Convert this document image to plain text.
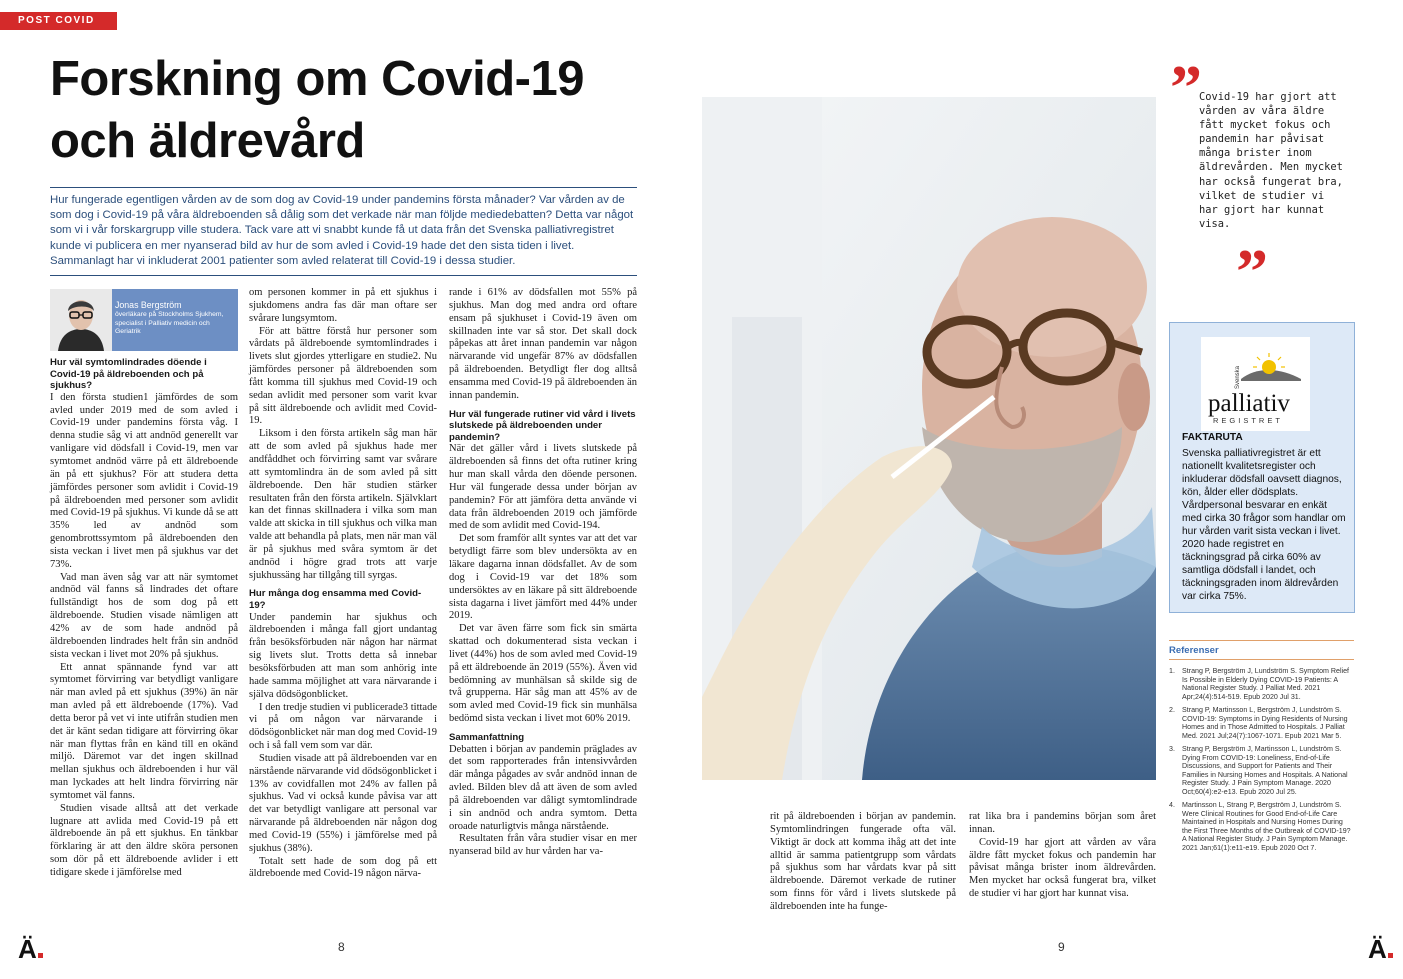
POST COVID
Forskning om Covid-19
och äldrevård
Hur fungerade egentligen vården av de som dog av Covid-19 under pandemins första månader? Var vården av de som dog i Covid-19 på våra äldreboenden så dålig som det verkade när man följde mediedebatten? Detta var något som vi i vår forskargrupp ville studera. Tack vare att vi snabbt kunde få ut data från det Svenska palliativregistret kunde vi publicera en mer nyanserad bild av hur de som avled i Covid-19 hade det den sista tiden i livet. Sammanlagt har vi inkluderat 2001 patienter som avled relaterat till Covid-19 i dessa studier.
Jonas Bergström
överläkare på Stockholms Sjukhem, specialist i Palliativ medicin och Geriatrik
Hur väl symtomlindrades döende i Covid-19 på äldreboenden och på sjukhus?

I den första studien1 jämfördes de som avled under 2019 med de som avled i Covid-19 under pandemins första våg. I denna studie såg vi att andnöd generellt var vanligare vid dödsfall i Covid-19, men var symtomet andnöd värre på ett äldreboende än på ett sjukhus? För att studera detta jämfördes personer som avlidit i Covid-19 på äldreboenden med personer som avlidit med Covid-19 på sjukhus. Vi kunde då se att 35% led av andnöd som genombrottssymtom på äldreboenden den sista veckan i livet men på sjukhus var det 73%.

Vad man även såg var att när symtomet andnöd väl fanns så lindrades det oftare fullständigt hos de som dog på ett äldreboende. Studien visade nämligen att 42% av de som hade andnöd på äldreboenden lindrades helt från sin andnöd sista veckan i livet mot 20% på sjukhus.

Ett annat spännande fynd var att symtomet förvirring var betydligt vanligare när man avled på ett sjukhus (39%) än när man avled på ett äldreboende (17%). Vad detta beror på vet vi inte utifrån studien men det är känt sedan tidigare att förvirring ökar när man flyttas från en känd till en okänd miljö. Däremot var det ingen skillnad mellan sjukhus och äldreboenden i hur väl man lyckades att helt lindra förvirring när symtomet väl fanns.

Studien visade alltså att det verkade lugnare att avlida med Covid-19 på ett äldreboende än på ett sjukhus. En tänkbar förklaring är att den äldre sköra personen som dör på ett äldreboende avlider i ett tidigare skede i jämförelse med

om personen kommer in på ett sjukhus i sjukdomens andra fas där man oftare ser svårare lungsymtom.

För att bättre förstå hur personer som vårdats på äldreboende symtomlindrades i livets slut gjordes ytterligare en studie2. Nu jämfördes personer på äldreboenden som fått komma till sjukhus med Covid-19 och sedan avlidit med personer som varit kvar på sitt äldreboende och avlidit med Covid-19.

Liksom i den första artikeln såg man här att de som avled på sjukhus hade mer andfåddhet och förvirring samt var svårare att symtomlindra än de som avled på sitt äldreboende. Den här studien stärker resultaten från den första artikeln. Självklart kan det finnas skillnadera i vilka som man valde att skicka in till sjukhus och vilka man valde att behandla på plats, men när man väl är på sjukhus med svåra symtom är det andnöd i högre grad trots att varje sjukhussäng har tillgång till syrgas.

Hur många dog ensamma med Covid-19?

Under pandemin har sjukhus och äldreboenden i många fall gjort undantag från besöksförbuden när någon har närmat sig livets slut. Trotts detta så innebar besöksförbuden att man som anhörig inte hade samma möjlighet att vara närvarande i själva dödsögonblicket.

I den tredje studien vi publicerade3 tittade vi på om någon var närvarande i dödsögonblicket när man dog med Covid-19 och i så fall vem som var där.

Studien visade att på äldreboenden var en närstående närvarande vid dödsögonblicket i 13% av covidfallen mot 24% av fallen på sjukhus. Vad vi också kunde påvisa var att det var betydligt vanligare att personal var närvarande på äldreboenden när någon dog med Covid-19 (55%) i jämförelse med på sjukhus (38%).

Totalt sett hade de som dog på ett äldreboende med Covid-19 någon närva-

rande i 61% av dödsfallen mot 55% på sjukhus. Man dog med andra ord oftare ensam på sjukhuset i Covid-19 även om skillnaden inte var så stor. Det skall dock påpekas att året innan pandemin var någon närvarande vid ungefär 87% av dödsfallen på äldreboenden. Betydligt fler dog alltså ensamma med Covid-19 på äldreboenden än innan pandemin.

Hur väl fungerade rutiner vid vård i livets slutskede på äldreboenden under pandemin?

När det gäller vård i livets slutskede på äldreboenden så finns det ofta rutiner kring hur man skall vårda den döende personen. Hur väl fungerade dessa under början av pandemin? För att jämföra detta använde vi data från äldreboenden 2019 och jämförde med de som avlidit med Covid-194.

Det som framför allt syntes var att det var betydligt färre som blev undersökta av en läkare dagarna innan dödsfallet. Av de som dog i Covid-19 var det 18% som undersöktes av en läkare på sitt äldreboende sista dagarna i livet jämfört med 44% under 2019.

Det var även färre som fick sin smärta skattad och dokumenterad sista veckan i livet (44%) hos de som avled med Covid-19 på ett äldreboende än 2019 (55%). Även vid bedömning av munhälsan så skilde sig de två grupperna. Här såg man att 45% av de som avled med Covid-19 fick sin munhälsa bedömd sista veckan i livet mot 60% 2019.

Sammanfattning

Debatten i början av pandemin präglades av det som rapporterades från intensivvården där många pågades av svår andnöd innan de avled. Bilden blev då att även de som avled på äldreboenden var dåligt symtomlindrade i sin andnöd och andra symtom. Detta oroade naturligtvis många närstående.

Resultaten från våra studier visar en mer nyanserad bild av hur vården har va-

Ä	8
”
Covid-19 har gjort att vården av våra äldre fått mycket fokus och pandemin har påvisat många brister inom äldrevården. Men mycket har också fungerat bra, vilket de studier vi har gjort har kunnat visa.
”
Svenska
palliativ
REGISTRET
FAKTARUTA
Svenska palliativregistret är ett nationellt kvalitetsregister och inkluderar dödsfall oavsett diagnos, kön, ålder eller dödsplats. Vårdpersonal besvarar en enkät med cirka 30 frågor som handlar om hur vården varit sista veckan i livet. 2020 hade registret en täckningsgrad på cirka 60% av samtliga dödsfall i landet, och täckningsgraden inom äldrevården var cirka 75%.
Referenser
1. Strang P, Bergström J, Lundström S. Symptom Relief Is Possible in Elderly Dying COVID-19 Patients: A National Register Study. J Palliat Med. 2021 Apr;24(4):514-519. Epub 2020 Jul 31.
2. Strang P, Martinsson L, Bergström J, Lundström S. COVID-19: Symptoms in Dying Residents of Nursing Homes and in Those Admitted to Hospitals. J Palliat Med. 2021 Jul;24(7):1067-1071. Epub 2021 Mar 5.
3. Strang P, Bergström J, Martinsson L, Lundström S. Dying From COVID-19: Loneliness, End-of-Life Discussions, and Support for Patients and Their Families in Nursing Homes and Hospitals. A National Register Study. J Pain Symptom Manage. 2020 Oct;60(4):e2-e13. Epub 2020 Jul 25.
4. Martinsson L, Strang P, Bergström J, Lundström S. Were Clinical Routines for Good End-of-Life Care Maintained in Hospitals and Nursing Homes During the First Three Months of the Outbreak of COVID-19? A National Register Study. J Pain Symptom Manage. 2021 Jan;61(1):e11-e19. Epub 2020 Oct 7.

rit på äldreboenden i början av pandemin. Symtomlindringen fungerade ofta väl. Viktigt är dock att komma ihåg att det inte alltid är samma patientgrupp som vårdats på sjukhus som har vårdats kvar på sitt äldreboende. Däremot verkade de rutiner som finns för vård i livets slutskede på äldreboenden inte ha funge-

rat lika bra i pandemins början som året innan.

Covid-19 har gjort att vården av våra äldre fått mycket fokus och pandemin har påvisat många brister inom äldrevården. Men mycket har också fungerat bra, vilket de studier vi har gjort har kunnat visa.

9	Ä
